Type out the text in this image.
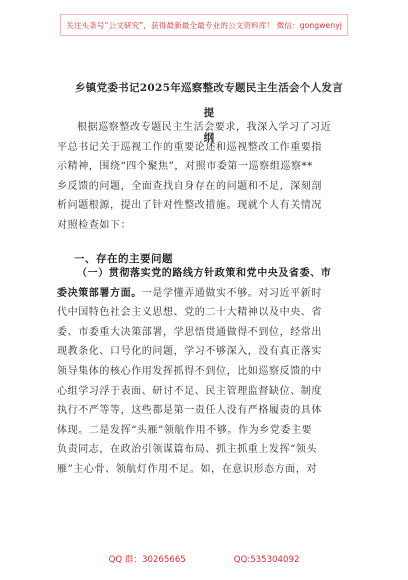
关注头条号“公文研究”，获得最新最全最专业的公文资料库！ 微信：gongwenyj
乡镇党委书记2025年巡察整改专题民主生活会个人发言提
纲
根据巡察整改专题民主生活会要求，我深入学习了习近
平总书记关于巡视工作的重要论述和巡视整改工作重要指
示精神，围绕“四个聚焦”，对照市委第一巡察组巡察**
乡反馈的问题，全面查找自身存在的问题和不足，深刻剖
析问题根源，提出了针对性整改措施。现就个人有关情况
对照检查如下：
一、存在的主要问题
（一）贯彻落实党的路线方针政策和党中央及省委、市
委决策部署方面。一是学懂弄通做实不够。对习近平新时
代中国特色社会主义思想、党的二十大精神以及中央、省
委、市委重大决策部署，学思悟贯通做得不到位，经常出
现教条化、口号化的问题，学习不够深入，没有真正落实
领导集体的核心作用发挥抓得不到位，比如巡察反馈的中
心组学习浮于表面、研讨不足、民主管理监督缺位、制度
执行不严等等，这些都是第一责任人没有严格履责的具体
体现。二是发挥“头雁”领航作用不够。作为乡党委主要
负责同志，在政治引领谋篇布局、抓主抓重上发挥“领头
雁”主心骨、领航灯作用不足。如，在意识形态方面，对
QQ 群：30265665	QQ:535304092
